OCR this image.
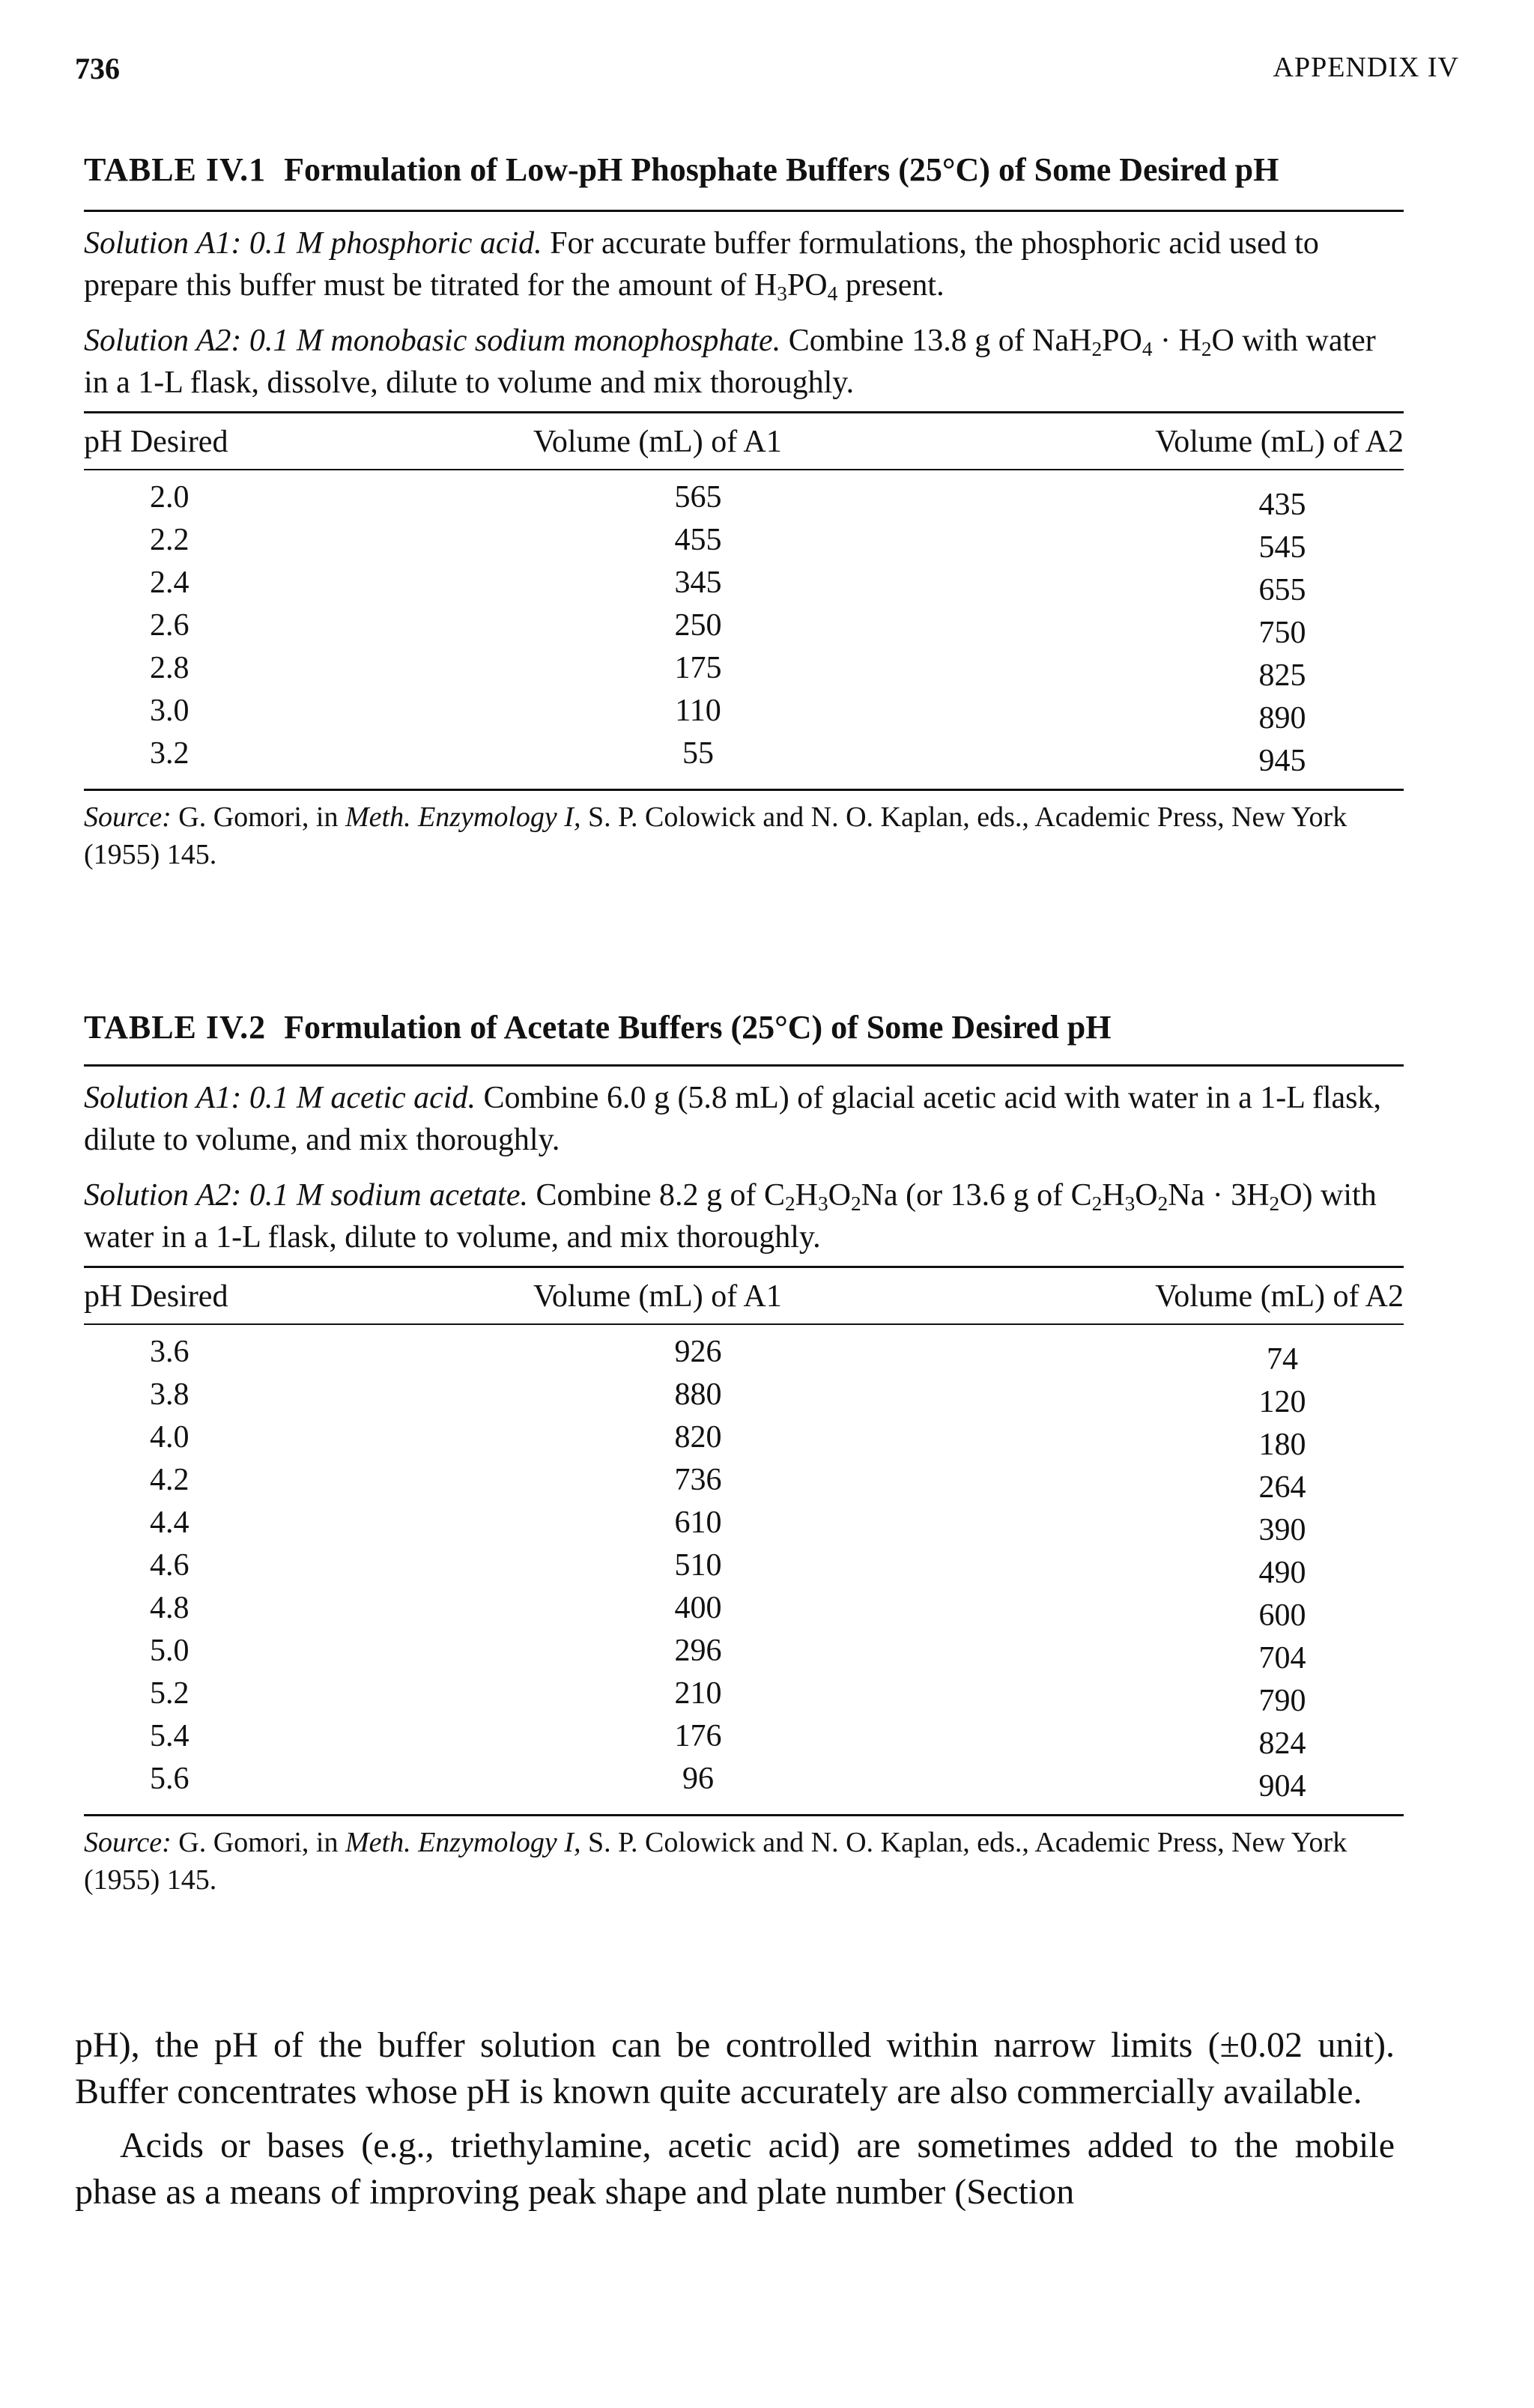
736	APPENDIX IV

TABLE IV.1 Formulation of Low-pH Phosphate Buffers (25°C) of Some Desired pH

Solution A1: 0.1 M phosphoric acid. For accurate buffer formulations, the phosphoric acid used to prepare this buffer must be titrated for the amount of $H_3PO_4$ present.

Solution A2: 0.1 M monobasic sodium monophosphate. Combine 13.8 g of $NaH_2PO_4 \cdot H_2O$ with water in a 1-L flask, dissolve, dilute to volume and mix thoroughly.

pH Desired	Volume (mL) of A1	Volume (mL) of A2
2.0	565	435
2.2	455	545
2.4	345	655
2.6	250	750
2.8	175	825
3.0	110	890
3.2	55	945
Source: G. Gomori, in Meth. Enzymology I, S. P. Colowick and N. O. Kaplan, eds., Academic Press, New York (1955) 145.

TABLE IV.2 Formulation of Acetate Buffers (25°C) of Some Desired pH

Solution A1: 0.1 M acetic acid. Combine 6.0 g (5.8 mL) of glacial acetic acid with water in a 1-L flask, dilute to volume, and mix thoroughly.

Solution A2: 0.1 M sodium acetate. Combine 8.2 g of $C_2H_3O_2Na$ (or 13.6 g of $C_2H_3O_2Na \cdot 3H_2O$) with water in a 1-L flask, dilute to volume, and mix thoroughly.

pH Desired	Volume (mL) of A1	Volume (mL) of A2
3.6	926	74
3.8	880	120
4.0	820	180
4.2	736	264
4.4	610	390
4.6	510	490
4.8	400	600
5.0	296	704
5.2	210	790
5.4	176	824
5.6	96	904
Source: G. Gomori, in Meth. Enzymology I, S. P. Colowick and N. O. Kaplan, eds., Academic Press, New York (1955) 145.

pH), the pH of the buffer solution can be controlled within narrow limits (±0.02 unit). Buffer concentrates whose pH is known quite accurately are also commercially available.

Acids or bases (e.g., triethylamine, acetic acid) are sometimes added to the mobile phase as a means of improving peak shape and plate number (Section
